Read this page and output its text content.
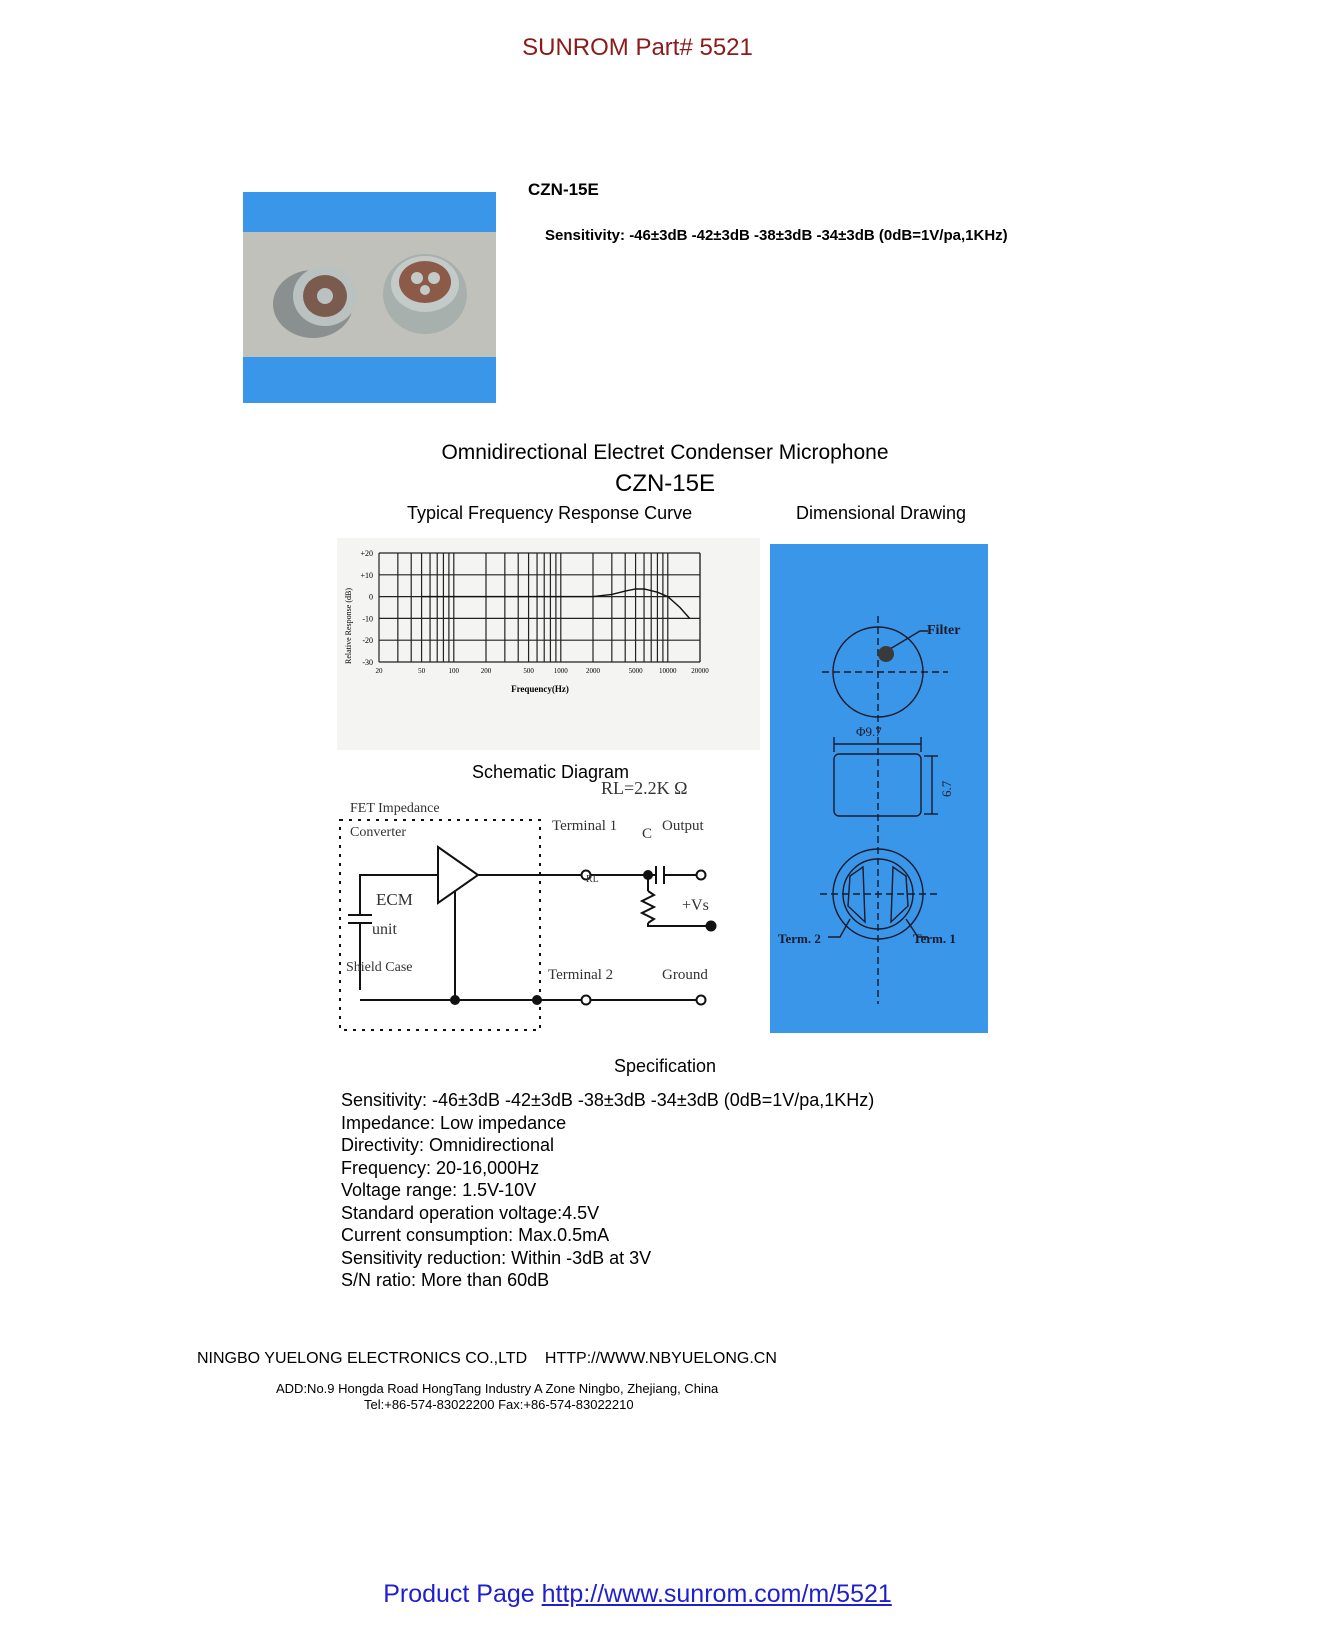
SUNROM Part# 5521
CZN-15E
Sensitivity: -46±3dB -42±3dB -38±3dB -34±3dB (0dB=1V/pa,1KHz)
Omnidirectional Electret Condenser Microphone
CZN-15E
Typical Frequency Response Curve	Dimensional Drawing
+20
+10
0
-10
-20
-30
20	50	100	200	500	1000	2000	5000 10000 20000
Frequency(Hz)
Relative Response (dB)	Filter
Φ9.7
6.7
Term. 2	Term. 1
Schematic Diagram
RL=2.2K Ω
FET Impedance
Converter
ECM
unit
Shield Case
Terminal 1 C Output
RL
+Vs
Terminal 2	Ground
Specification
Sensitivity: -46±3dB -42±3dB -38±3dB -34±3dB (0dB=1V/pa,1KHz)
Impedance: Low impedance
Directivity: Omnidirectional
Frequency: 20-16,000Hz
Voltage range: 1.5V-10V
Standard operation voltage:4.5V
Current consumption: Max.0.5mA
Sensitivity reduction: Within -3dB at 3V
S/N ratio: More than 60dB
NINGBO YUELONG ELECTRONICS CO.,LTD    HTTP://WWW.NBYUELONG.CN
ADD:No.9 Hongda Road HongTang Industry A Zone Ningbo, Zhejiang, China
Tel:+86-574-83022200 Fax:+86-574-83022210
Product Page http://www.sunrom.com/m/5521
